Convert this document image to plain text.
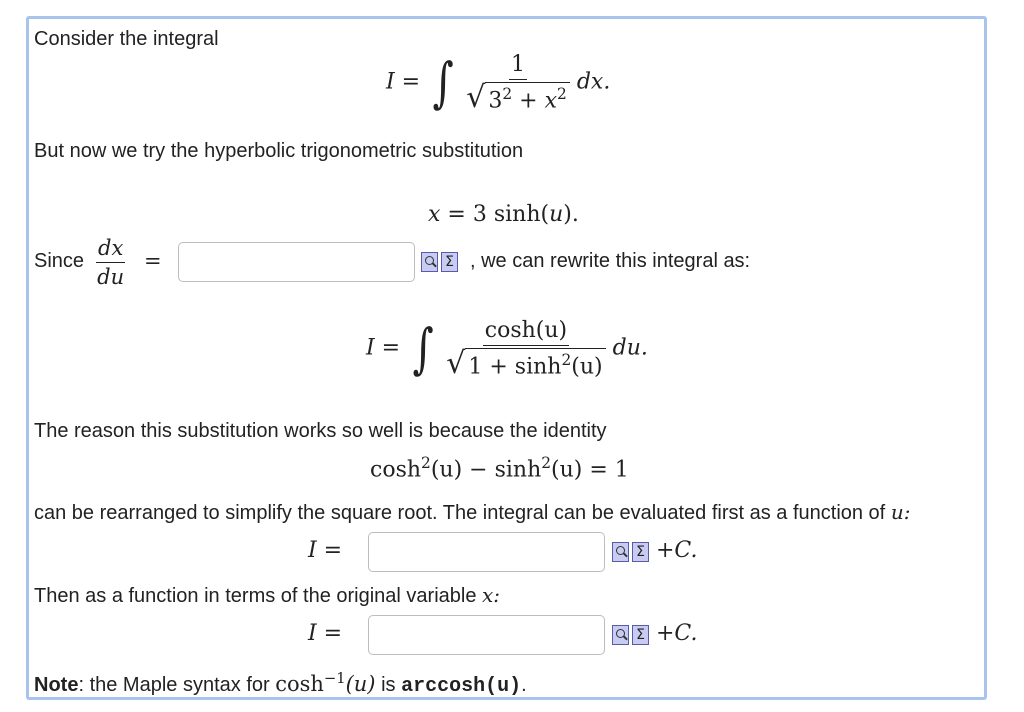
Consider the integral
I = ∫ $\frac{1}{√ 3^2 + x^2}$ dx.
But now we try the hyperbolic trigonometric substitution
x = 3 sinh(u).
Since $\frac{dx}{du}$ =	Σ , we can rewrite this integral as:
I = ∫ $\frac{\cosh(u)}{√ 1 + \sinh^2(u)}$ du.
The reason this substitution works so well is because the identity
$\cosh^2(u) - \sinh^2(u) = 1$
can be rearranged to simplify the square root. The integral can be evaluated first as a function of u:
I =	Σ +C.
Then as a function in terms of the original variable x:
I =	Σ +C.
Note: the Maple syntax for $\cosh^{-1}(u)$ is arccosh(u).
